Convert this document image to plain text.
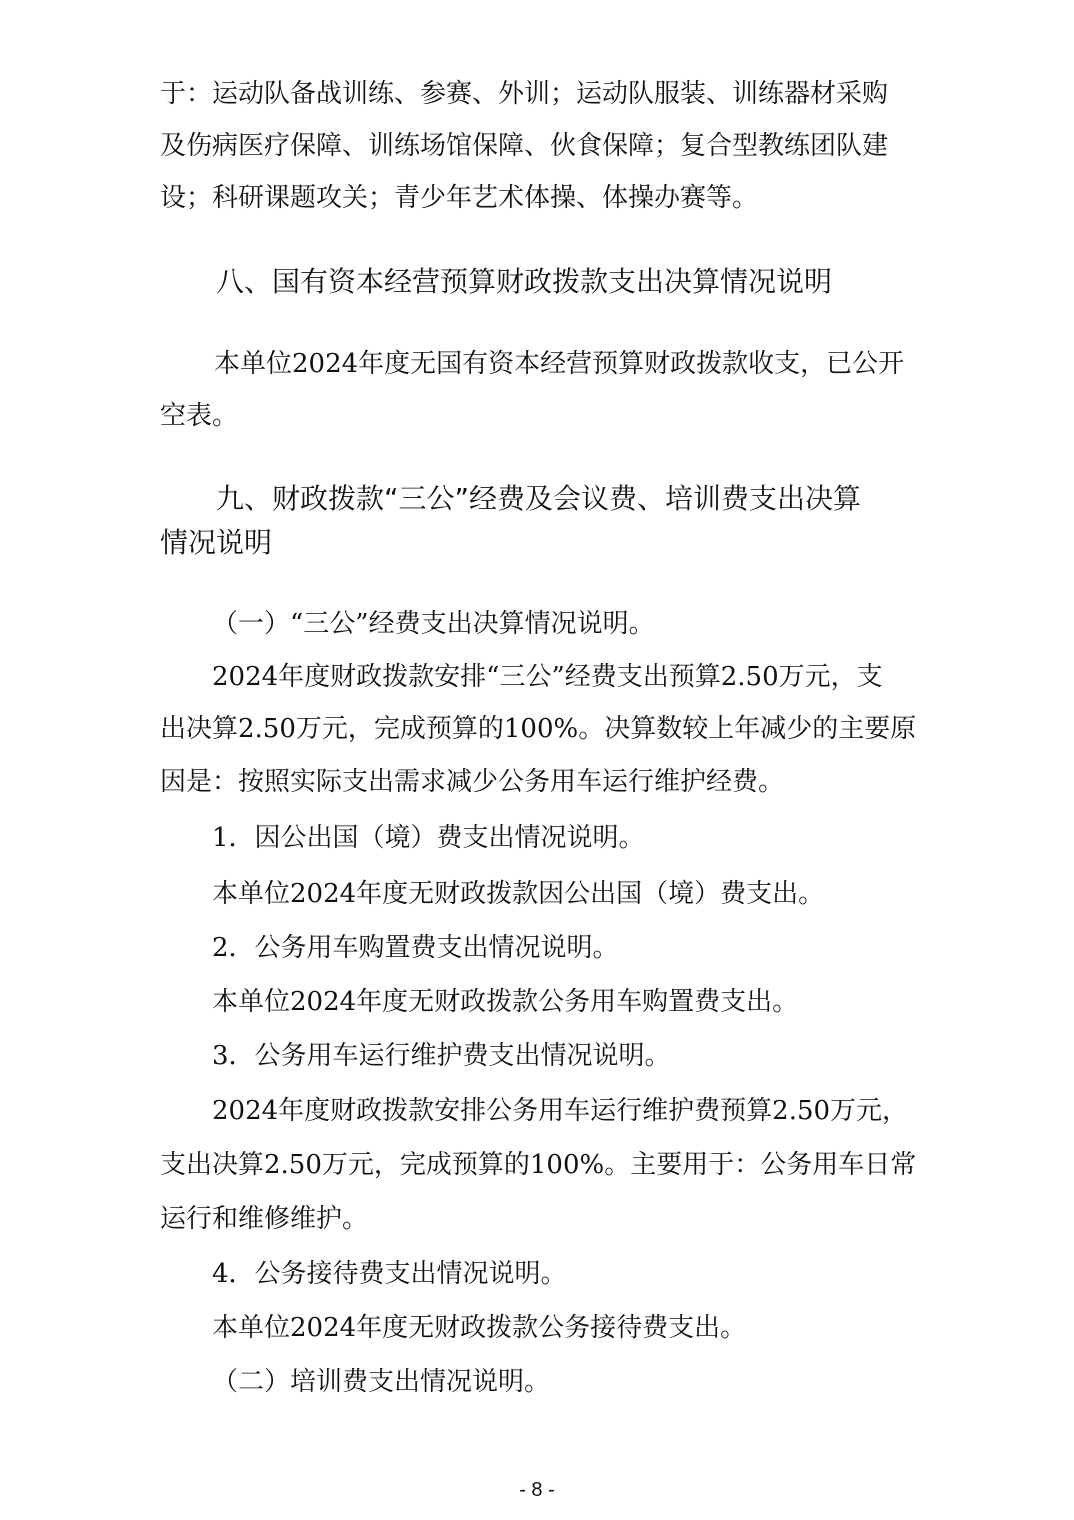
于：运动队备战训练、参赛、外训；运动队服装、训练器材采购
及伤病医疗保障、训练场馆保障、伙食保障；复合型教练团队建
设；科研课题攻关；青少年艺术体操、体操办赛等。
八、国有资本经营预算财政拨款支出决算情况说明
本单位2024年度无国有资本经营预算财政拨款收支，已公开
空表。
九、财政拨款“三公”经费及会议费、培训费支出决算
情况说明
（一）“三公”经费支出决算情况说明。
2024年度财政拨款安排“三公”经费支出预算2.50万元，支
出决算2.50万元，完成预算的100%。决算数较上年减少的主要原
因是：按照实际支出需求减少公务用车运行维护经费。
1．因公出国（境）费支出情况说明。
本单位2024年度无财政拨款因公出国（境）费支出。
2．公务用车购置费支出情况说明。
本单位2024年度无财政拨款公务用车购置费支出。
3．公务用车运行维护费支出情况说明。
2024年度财政拨款安排公务用车运行维护费预算2.50万元，
支出决算2.50万元，完成预算的100%。主要用于：公务用车日常
运行和维修维护。
4．公务接待费支出情况说明。
本单位2024年度无财政拨款公务接待费支出。
（二）培训费支出情况说明。
- 8 -
